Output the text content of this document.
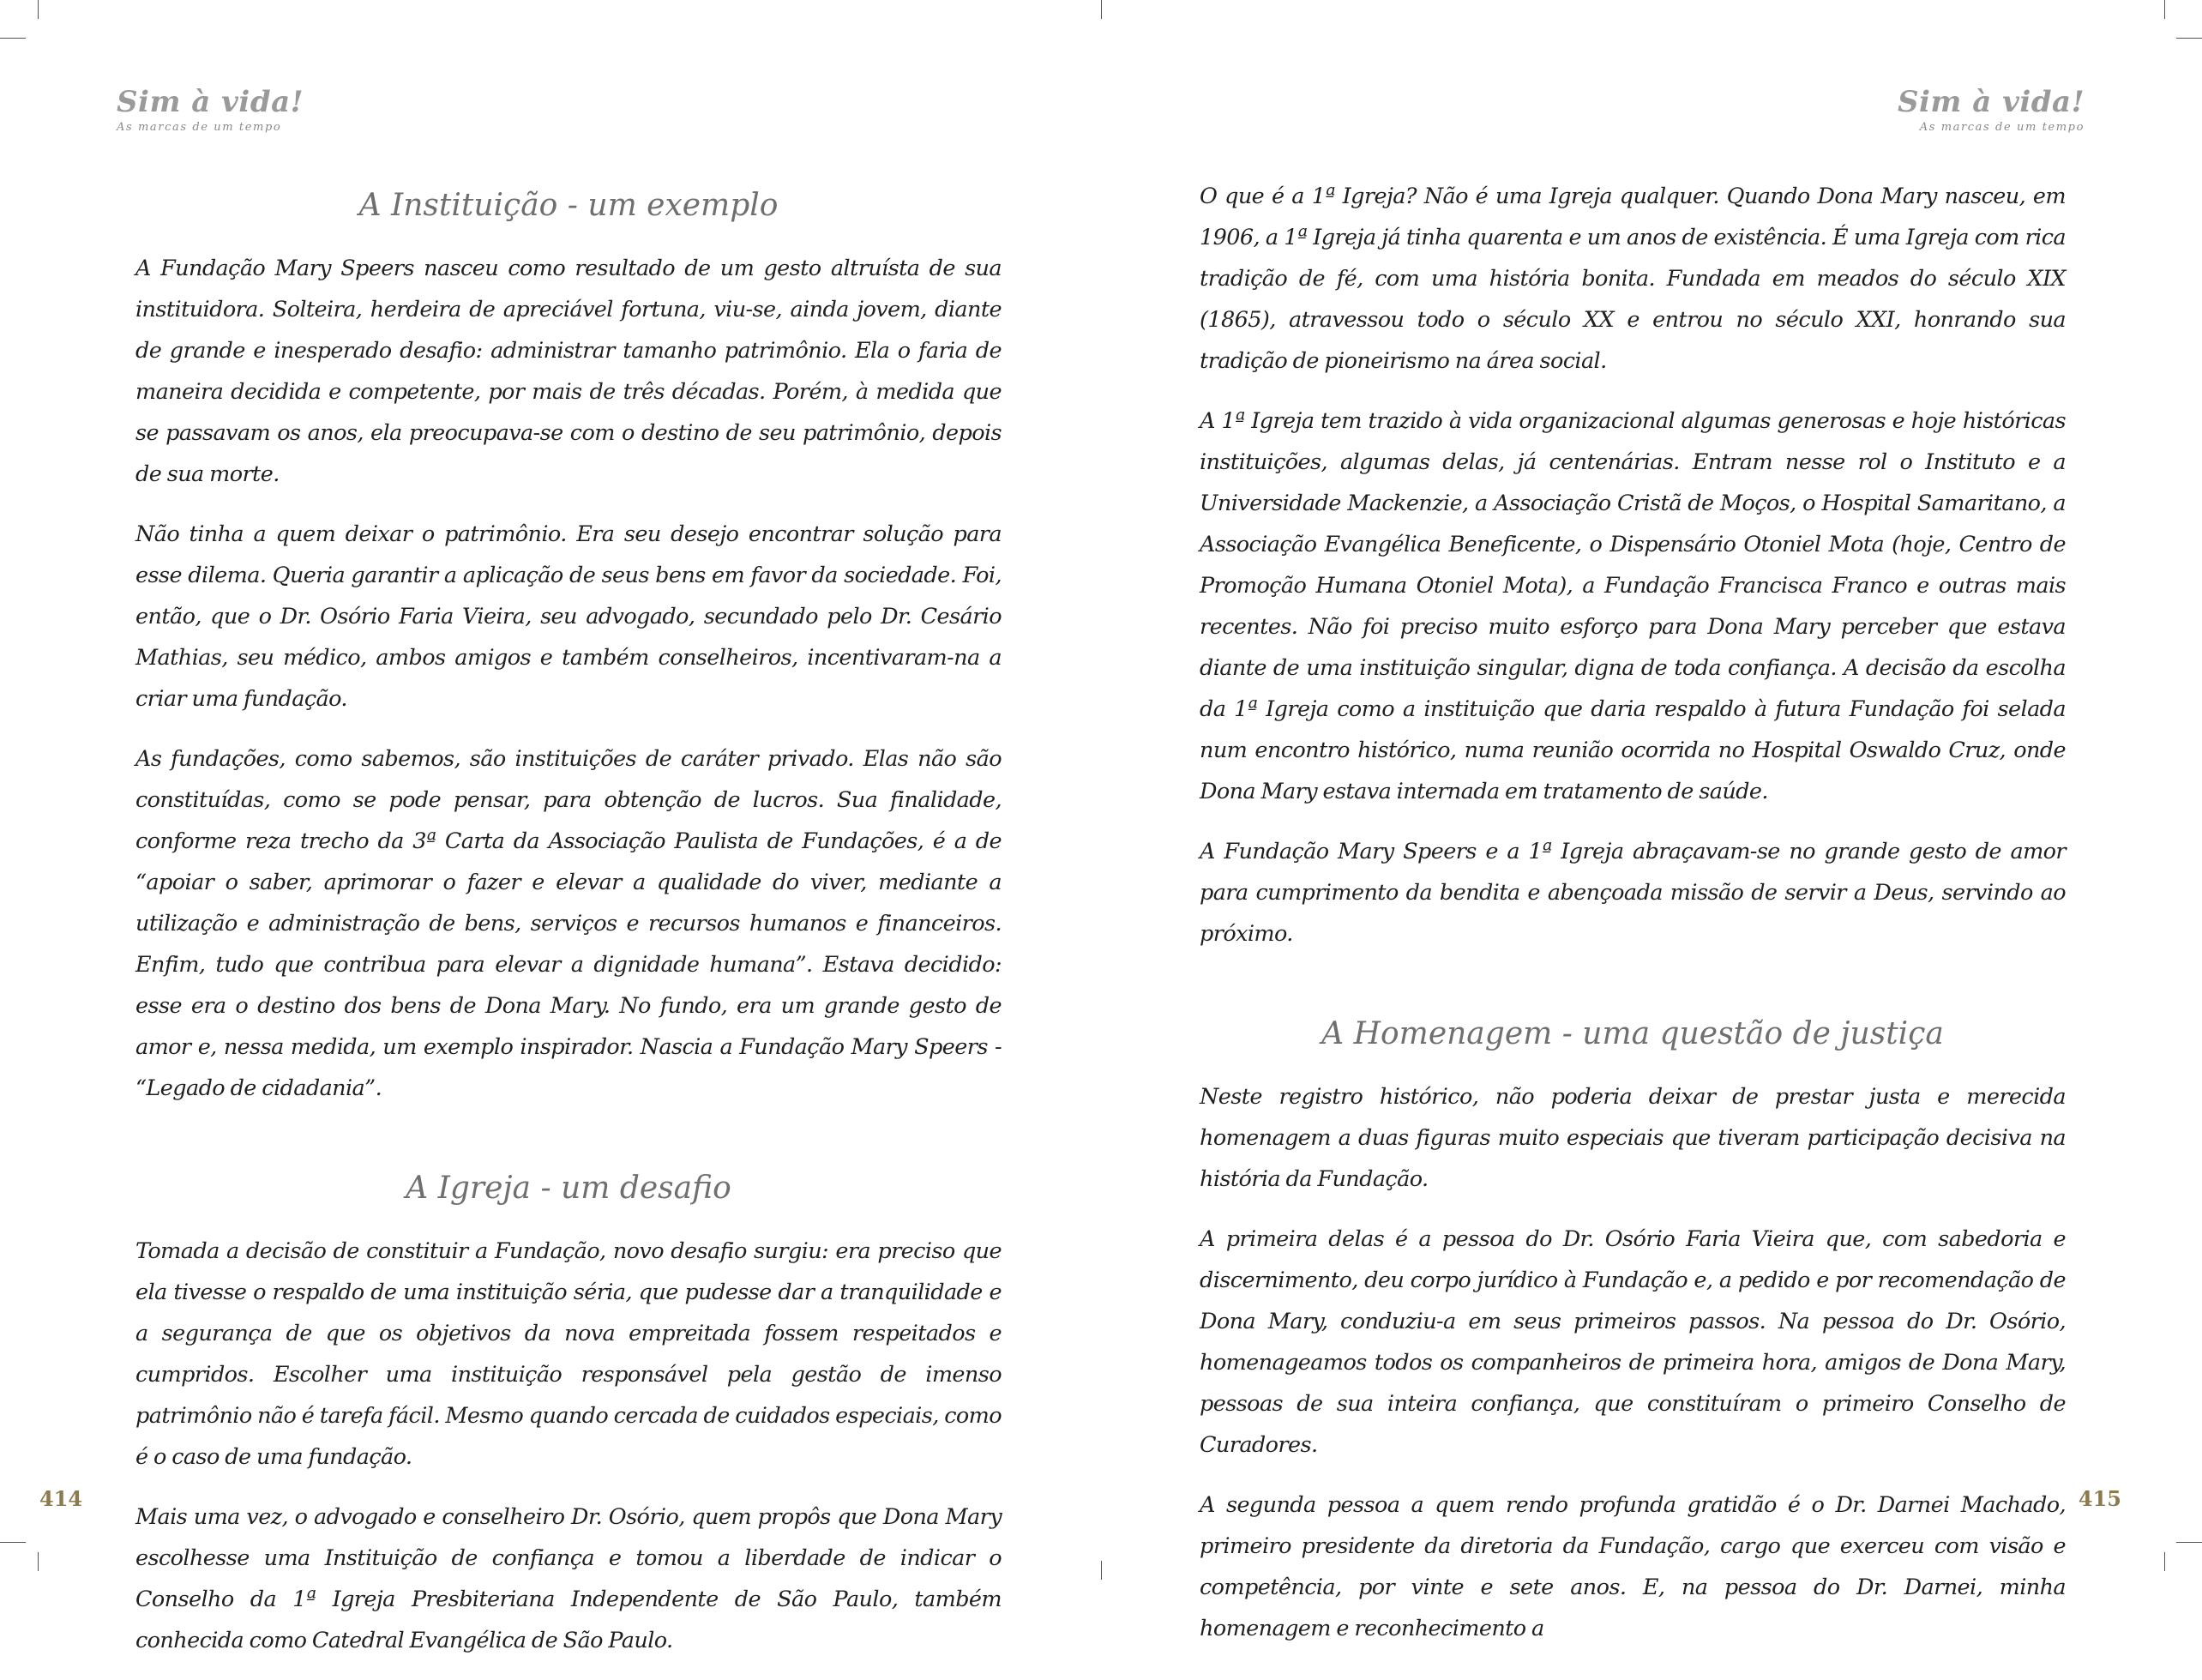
Sim à vida!
As marcas de um tempo
A Instituição - um exemplo

A Fundação Mary Speers nasceu como resultado de um gesto altruísta de sua instituidora. Solteira, herdeira de apreciável fortuna, viu-se, ainda jovem, diante de grande e inesperado desafio: administrar tamanho patrimônio. Ela o faria de maneira decidida e competente, por mais de três décadas. Porém, à medida que se passavam os anos, ela preocupava-se com o destino de seu patrimônio, depois de sua morte.

Não tinha a quem deixar o patrimônio. Era seu desejo encontrar solução para esse dilema. Queria garantir a aplicação de seus bens em favor da sociedade. Foi, então, que o Dr. Osório Faria Vieira, seu advogado, secundado pelo Dr. Cesário Mathias, seu médico, ambos amigos e também conselheiros, incentivaram-na a criar uma fundação.

As fundações, como sabemos, são instituições de caráter privado. Elas não são constituídas, como se pode pensar, para obtenção de lucros. Sua finalidade, conforme reza trecho da 3ª Carta da Associação Paulista de Fundações, é a de “apoiar o saber, aprimorar o fazer e elevar a qualidade do viver, mediante a utilização e administração de bens, serviços e recursos humanos e financeiros. Enfim, tudo que contribua para elevar a dignidade humana”. Estava decidido: esse era o destino dos bens de Dona Mary. No fundo, era um grande gesto de amor e, nessa medida, um exemplo inspirador. Nascia a Fundação Mary Speers - “Legado de cidadania”.

A Igreja - um desafio

Tomada a decisão de constituir a Fundação, novo desafio surgiu: era preciso que ela tivesse o respaldo de uma instituição séria, que pudesse dar a tranquilidade e a segurança de que os objetivos da nova empreitada fossem respeitados e cumpridos. Escolher uma instituição responsável pela gestão de imenso patrimônio não é tarefa fácil. Mesmo quando cercada de cuidados especiais, como é o caso de uma fundação.

Mais uma vez, o advogado e conselheiro Dr. Osório, quem propôs que Dona Mary escolhesse uma Instituição de confiança e tomou a liberdade de indicar o Conselho da 1ª Igreja Presbiteriana Independente de São Paulo, também conhecida como Catedral Evangélica de São Paulo.

414
Sim à vida!
As marcas de um tempo

O que é a 1ª Igreja? Não é uma Igreja qualquer. Quando Dona Mary nasceu, em 1906, a 1ª Igreja já tinha quarenta e um anos de existência. É uma Igreja com rica tradição de fé, com uma história bonita. Fundada em meados do século XIX (1865), atravessou todo o século XX e entrou no século XXI, honrando sua tradição de pioneirismo na área social.

A 1ª Igreja tem trazido à vida organizacional algumas generosas e hoje históricas instituições, algumas delas, já centenárias. Entram nesse rol o Instituto e a Universidade Mackenzie, a Associação Cristã de Moços, o Hospital Samaritano, a Associação Evangélica Beneficente, o Dispensário Otoniel Mota (hoje, Centro de Promoção Humana Otoniel Mota), a Fundação Francisca Franco e outras mais recentes. Não foi preciso muito esforço para Dona Mary perceber que estava diante de uma instituição singular, digna de toda confiança. A decisão da escolha da 1ª Igreja como a instituição que daria respaldo à futura Fundação foi selada num encontro histórico, numa reunião ocorrida no Hospital Oswaldo Cruz, onde Dona Mary estava internada em tratamento de saúde.

A Fundação Mary Speers e a 1ª Igreja abraçavam-se no grande gesto de amor para cumprimento da bendita e abençoada missão de servir a Deus, servindo ao próximo.

A Homenagem - uma questão de justiça

Neste registro histórico, não poderia deixar de prestar justa e merecida homenagem a duas figuras muito especiais que tiveram participação decisiva na história da Fundação.

A primeira delas é a pessoa do Dr. Osório Faria Vieira que, com sabedoria e discernimento, deu corpo jurídico à Fundação e, a pedido e por recomendação de Dona Mary, conduziu-a em seus primeiros passos. Na pessoa do Dr. Osório, homenageamos todos os companheiros de primeira hora, amigos de Dona Mary, pessoas de sua inteira confiança, que constituíram o primeiro Conselho de Curadores.

A segunda pessoa a quem rendo profunda gratidão é o Dr. Darnei Machado, primeiro presidente da diretoria da Fundação, cargo que exerceu com visão e competência, por vinte e sete anos. E, na pessoa do Dr. Darnei, minha homenagem e reconhecimento a

415
